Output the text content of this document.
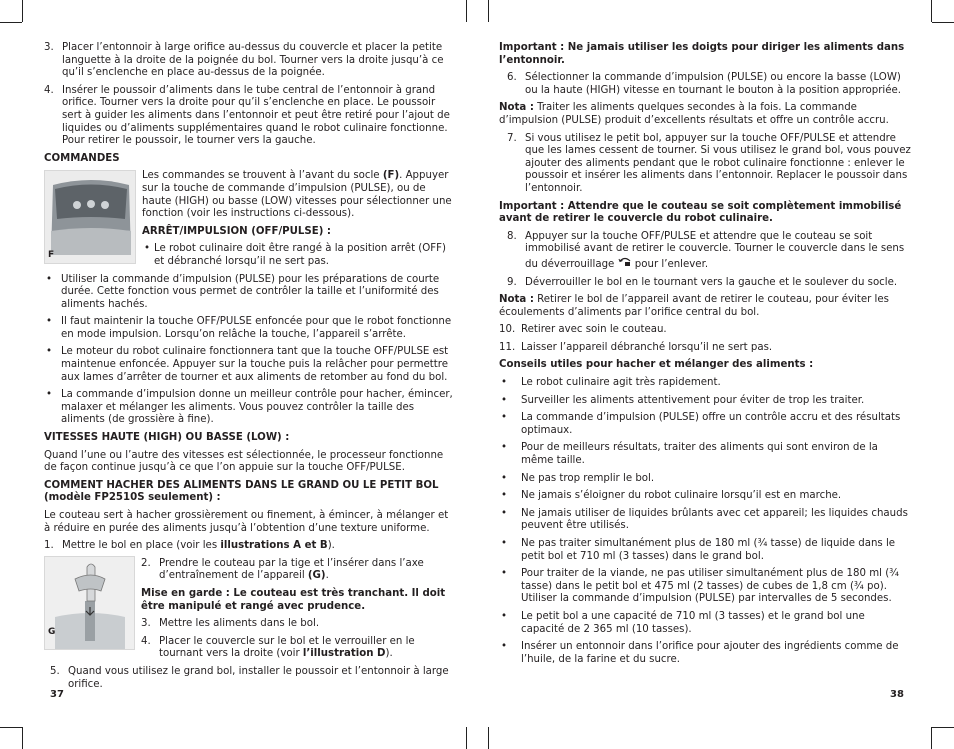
3. Placer l’entonnoir à large orifice au-dessus du couvercle et placer la petite languette à la droite de la poignée du bol. Tourner vers la droite jusqu’à ce qu’il s’enclenche en place au-dessus de la poignée.
4. Insérer le poussoir d’aliments dans le tube central de l’entonnoir à grand orifice. Tourner vers la droite pour qu’il s’enclenche en place. Le poussoir sert à guider les aliments dans l’entonnoir et peut être retiré pour l’ajout de liquides ou d’aliments supplémentaires quand le robot culinaire fonctionne. Pour retirer le poussoir, le tourner vers la gauche.
COMMANDES
F
Les commandes se trouvent à l’avant du socle (F). Appuyer sur la touche de commande d’impulsion (PULSE), ou de haute (HIGH) ou basse (LOW) vitesses pour sélectionner une fonction (voir les instructions ci-dessous).
ARRÊT/IMPULSION (OFF/PULSE) :
• Le robot culinaire doit être rangé à la position arrêt (OFF) et débranché lorsqu’il ne sert pas.
• Utiliser la commande d’impulsion (PULSE) pour les préparations de courte durée. Cette fonction vous permet de contrôler la taille et l’uniformité des aliments hachés.
• Il faut maintenir la touche OFF/PULSE enfoncée pour que le robot fonctionne en mode impulsion. Lorsqu’on relâche la touche, l’appareil s’arrête.
• Le moteur du robot culinaire fonctionnera tant que la touche OFF/PULSE est maintenue enfoncée. Appuyer sur la touche puis la relâcher pour permettre aux lames d’arrêter de tourner et aux aliments de retomber au fond du bol.
• La commande d’impulsion donne un meilleur contrôle pour hacher, émincer, malaxer et mélanger les aliments. Vous pouvez contrôler la taille des aliments (de grossière à fine).
VITESSES HAUTE (HIGH) OU BASSE (LOW) :
Quand l’une ou l’autre des vitesses est sélectionnée, le processeur fonctionne de façon continue jusqu’à ce que l’on appuie sur la touche OFF/PULSE.
COMMENT HACHER DES ALIMENTS DANS LE GRAND OU LE PETIT BOL
(modèle FP2510S seulement) :
Le couteau sert à hacher grossièrement ou finement, à émincer, à mélanger et à réduire en purée des aliments jusqu’à l’obtention d’une texture uniforme.
1. Mettre le bol en place (voir les illustrations A et B).
G
2. Prendre le couteau par la tige et l’insérer dans l’axe d’entraînement de l’appareil (G).
Mise en garde : Le couteau est très tranchant. Il doit être manipulé et rangé avec prudence.
3. Mettre les aliments dans le bol.
4. Placer le couvercle sur le bol et le verrouiller en le tournant vers la droite (voir l’illustration D).
5. Quand vous utilisez le grand bol, installer le poussoir et l’entonnoir à large orifice.
37
Important : Ne jamais utiliser les doigts pour diriger les aliments dans l’entonnoir.
6. Sélectionner la commande d’impulsion (PULSE) ou encore la basse (LOW) ou la haute (HIGH) vitesse en tournant le bouton à la position appropriée.
Nota : Traiter les aliments quelques secondes à la fois. La commande d’impulsion (PULSE) produit d’excellents résultats et offre un contrôle accru.
7. Si vous utilisez le petit bol, appuyer sur la touche OFF/PULSE et attendre que les lames cessent de tourner. Si vous utilisez le grand bol, vous pouvez ajouter des aliments pendant que le robot culinaire fonctionne : enlever le poussoir et insérer les aliments dans l’entonnoir. Replacer le poussoir dans l’entonnoir.
Important : Attendre que le couteau se soit complètement immobilisé avant de retirer le couvercle du robot culinaire.
8. Appuyer sur la touche OFF/PULSE et attendre que le couteau se soit immobilisé avant de retirer le couvercle. Tourner le couvercle dans le sens du déverrouillage  pour l’enlever.
9. Déverrouiller le bol en le tournant vers la gauche et le soulever du socle.
Nota : Retirer le bol de l’appareil avant de retirer le couteau, pour éviter les écoulements d’aliments par l’orifice central du bol.
10. Retirer avec soin le couteau.
11. Laisser l’appareil débranché lorsqu’il ne sert pas.
Conseils utiles pour hacher et mélanger des aliments :
• Le robot culinaire agit très rapidement.
• Surveiller les aliments attentivement pour éviter de trop les traiter.
• La commande d’impulsion (PULSE) offre un contrôle accru et des résultats optimaux.
• Pour de meilleurs résultats, traiter des aliments qui sont environ de la même taille.
• Ne pas trop remplir le bol.
• Ne jamais s’éloigner du robot culinaire lorsqu’il est en marche.
• Ne jamais utiliser de liquides brûlants avec cet appareil; les liquides chauds peuvent être utilisés.
• Ne pas traiter simultanément plus de 180 ml (¾ tasse) de liquide dans le petit bol et 710 ml (3 tasses) dans le grand bol.
• Pour traiter de la viande, ne pas utiliser simultanément plus de 180 ml (¾ tasse) dans le petit bol et 475 ml (2 tasses) de cubes de 1,8 cm (¾ po). Utiliser la commande d’impulsion (PULSE) par intervalles de 5 secondes.
• Le petit bol a une capacité de 710 ml (3 tasses) et le grand bol une capacité de 2 365 ml (10 tasses).
• Insérer un entonnoir dans l’orifice pour ajouter des ingrédients comme de l’huile, de la farine et du sucre.
38
